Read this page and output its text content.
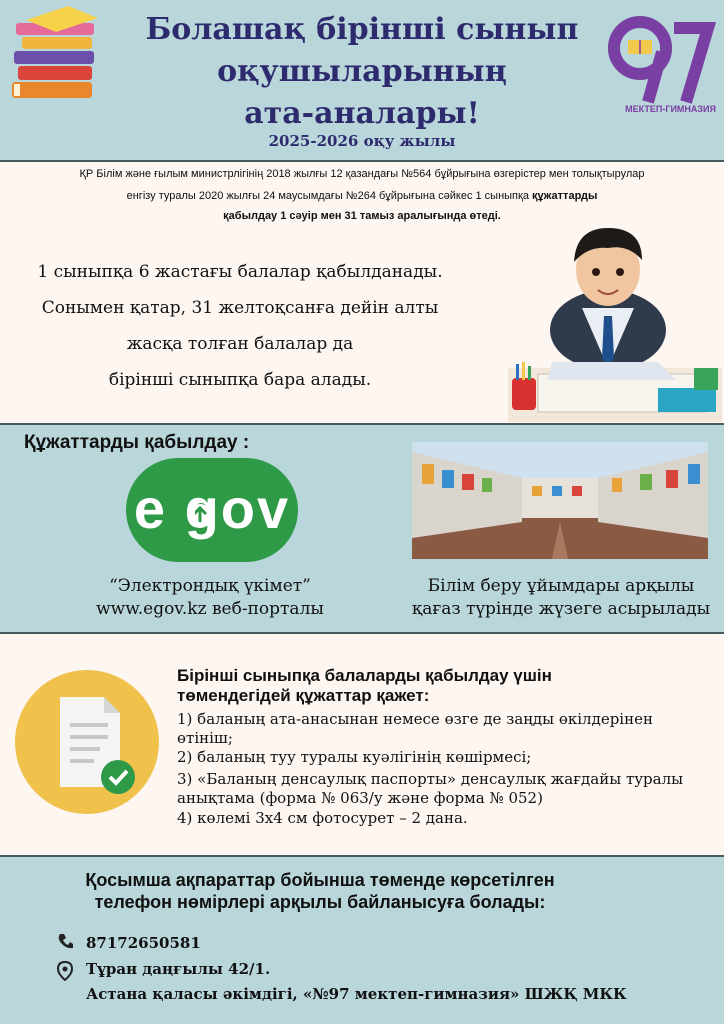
Болашақ бірінші сынып
оқушыларының
ата-аналары!
2025-2026 оқу жылы
МЕКТЕП-ГИМНАЗИЯ
ҚР Білім және ғылым министрлігінің 2018 жылғы 12 қазандағы №564 бұйрығына өзгерістер мен толықтырулар
енгізу туралы 2020 жылғы 24 маусымдағы №264 бұйрығына сәйкес 1 сыныпқа құжаттарды
қабылдау 1 сәуір мен 31 тамыз аралығында өтеді.
1 сыныпқа 6 жастағы балалар қабылданады.
Сонымен қатар, 31 желтоқсанға дейін алты
жасқа толған балалар да
бірінші сыныпқа бара алады.
Құжаттарды қабылдау :
e gov
“Электрондық үкімет”
www.egov.kz веб-порталы
Білім беру ұйымдары арқылы
қағаз түрінде жүзеге асырылады
Бірінші сыныпқа балаларды қабылдау үшін
төмендегідей құжаттар қажет:
1) баланың ата-анасынан немесе өзге де заңды өкілдерінен
өтініш;
2) баланың туу туралы куәлігінің көшірмесі;
3) «Баланың денсаулық паспорты» денсаулық жағдайы туралы
анықтама (форма № 063/у және форма № 052)
4) көлемі 3х4 см фотосурет – 2 дана.
Қосымша ақпараттар бойынша төменде көрсетілген
телефон нөмірлері арқылы байланысуға болады:
87172650581
Тұран даңғылы 42/1.
Астана қаласы әкімдігі, «№97 мектеп-гимназия» ШЖҚ МКК
